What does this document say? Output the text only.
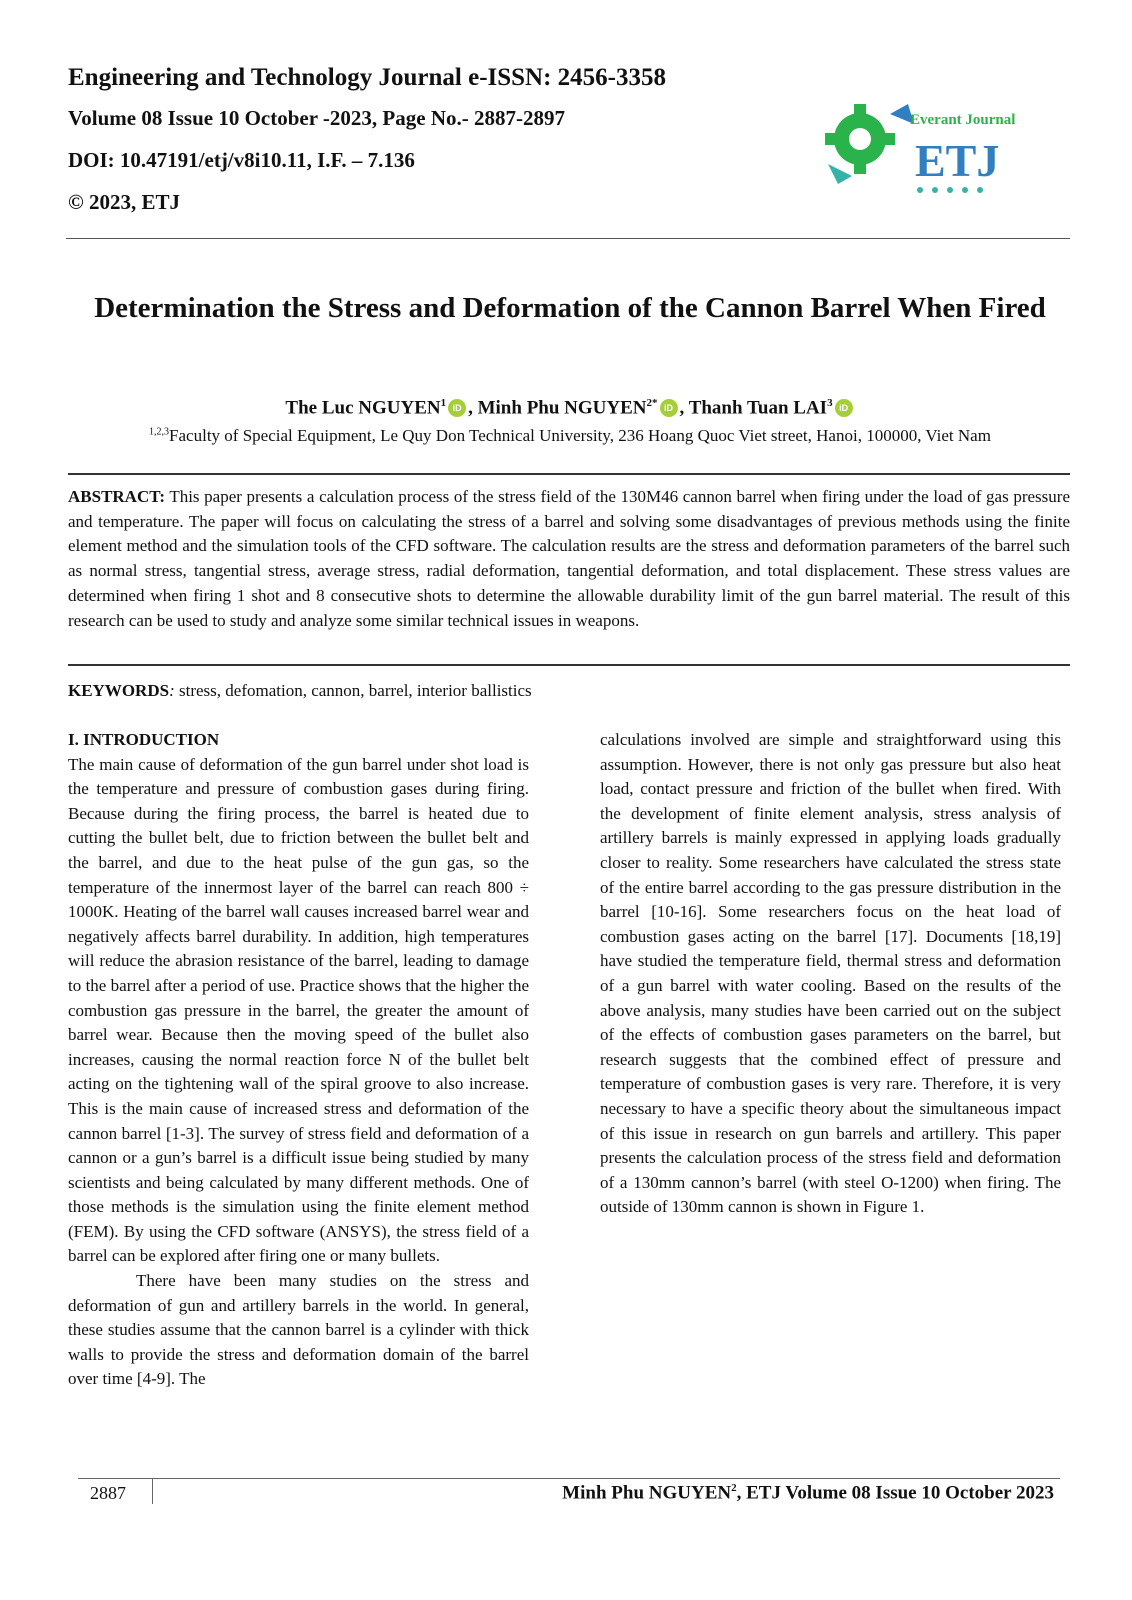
Engineering and Technology Journal e-ISSN: 2456-3358

Volume 08 Issue 10 October -2023, Page No.- 2887-2897

DOI: 10.47191/etj/v8i10.11, I.F. – 7.136

© 2023, ETJ

Everant Journal
ETJ
Determination the Stress and Deformation of the Cannon Barrel When Fired
The Luc NGUYEN$^1$ iD , Minh Phu $NGUYEN^{2*}$ iD , Thanh Tuan LAI$^3$ iD
$^{1,2,3}$Faculty of Special Equipment, Le Quy Don Technical University, 236 Hoang Quoc Viet street, Hanoi, 100000, Viet Nam

ABSTRACT: This paper presents a calculation process of the stress field of the 130M46 cannon barrel when firing under the load of gas pressure and temperature. The paper will focus on calculating the stress of a barrel and solving some disadvantages of previous methods using the finite element method and the simulation tools of the CFD software. The calculation results are the stress and deformation parameters of the barrel such as normal stress, tangential stress, average stress, radial deformation, tangential deformation, and total displacement. These stress values are determined when firing 1 shot and 8 consecutive shots to determine the allowable durability limit of the gun barrel material. The result of this research can be used to study and analyze some similar technical issues in weapons.

KEYWORDS: stress, defomation, cannon, barrel, interior ballistics

I. INTRODUCTION

The main cause of deformation of the gun barrel under shot load is the temperature and pressure of combustion gases during firing. Because during the firing process, the barrel is heated due to cutting the bullet belt, due to friction between the bullet belt and the barrel, and due to the heat pulse of the gun gas, so the temperature of the innermost layer of the barrel can reach 800 ÷ 1000K. Heating of the barrel wall causes increased barrel wear and negatively affects barrel durability. In addition, high temperatures will reduce the abrasion resistance of the barrel, leading to damage to the barrel after a period of use. Practice shows that the higher the combustion gas pressure in the barrel, the greater the amount of barrel wear. Because then the moving speed of the bullet also increases, causing the normal reaction force N of the bullet belt acting on the tightening wall of the spiral groove to also increase. This is the main cause of increased stress and deformation of the cannon barrel [1-3]. The survey of stress field and deformation of a cannon or a gun’s barrel is a difficult issue being studied by many scientists and being calculated by many different methods. One of those methods is the simulation using the finite element method (FEM). By using the CFD software (ANSYS), the stress field of a barrel can be explored after firing one or many bullets.

There have been many studies on the stress and deformation of gun and artillery barrels in the world. In general, these studies assume that the cannon barrel is a cylinder with thick walls to provide the stress and deformation domain of the barrel over time [4-9]. The

calculations involved are simple and straightforward using this assumption. However, there is not only gas pressure but also heat load, contact pressure and friction of the bullet when fired. With the development of finite element analysis, stress analysis of artillery barrels is mainly expressed in applying loads gradually closer to reality. Some researchers have calculated the stress state of the entire barrel according to the gas pressure distribution in the barrel [10-16]. Some researchers focus on the heat load of combustion gases acting on the barrel [17]. Documents [18,19] have studied the temperature field, thermal stress and deformation of a gun barrel with water cooling. Based on the results of the above analysis, many studies have been carried out on the subject of the effects of combustion gases parameters on the barrel, but research suggests that the combined effect of pressure and temperature of combustion gases is very rare. Therefore, it is very necessary to have a specific theory about the simultaneous impact of this issue in research on gun barrels and artillery. This paper presents the calculation process of the stress field and deformation of a 130mm cannon’s barrel (with steel O-1200) when firing. The outside of 130mm cannon is shown in Figure 1.

2887	Minh Phu NGUYEN$^2$, ETJ Volume 08 Issue 10 October 2023
